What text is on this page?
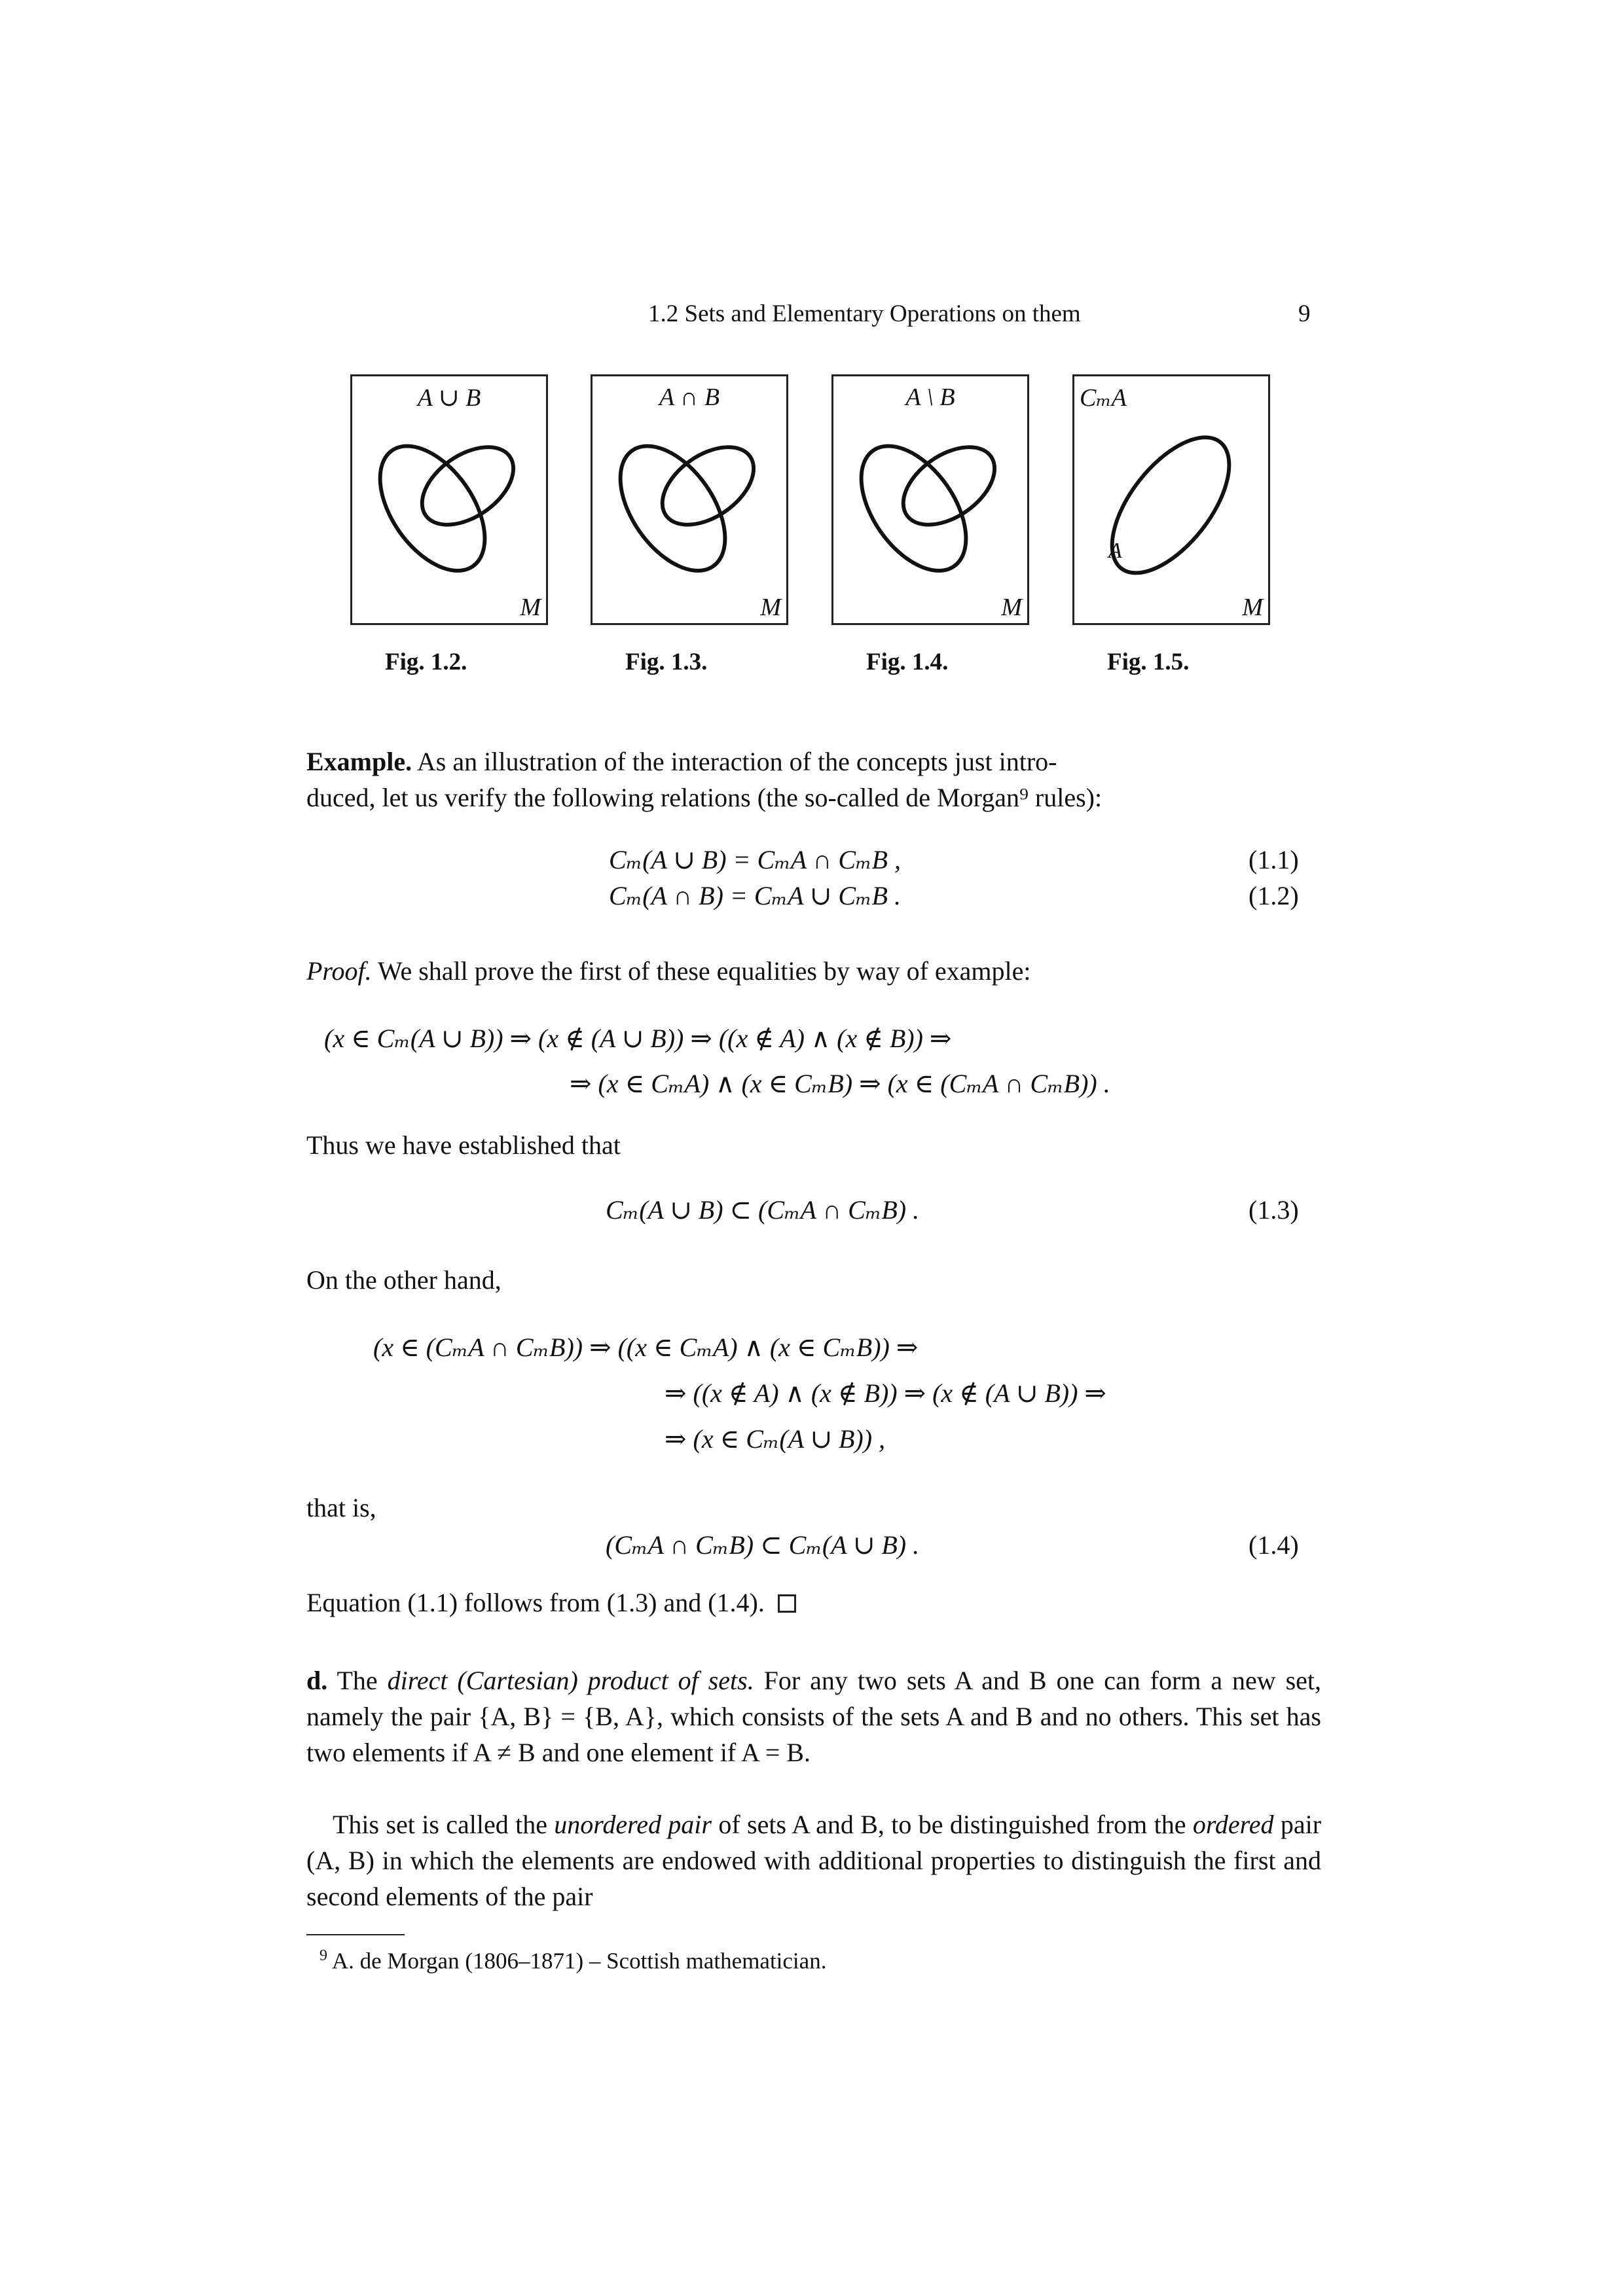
1.2 Sets and Elementary Operations on them	9
A ∪ B
M
A ∩ B
M
A \ B
M
CₘA
A
M
Fig. 1.2.	Fig. 1.3.	Fig. 1.4.	Fig. 1.5.
Example. As an illustration of the interaction of the concepts just intro-
duced, let us verify the following relations (the so-called de Morgan⁹ rules):
Cₘ(A ∪ B) = CₘA ∩ CₘB ,	(1.1)
Cₘ(A ∩ B) = CₘA ∪ CₘB .	(1.2)
Proof. We shall prove the first of these equalities by way of example:
(x ∈ Cₘ(A ∪ B)) ⇒ (x ∉ (A ∪ B)) ⇒ ((x ∉ A) ∧ (x ∉ B)) ⇒
⇒ (x ∈ CₘA) ∧ (x ∈ CₘB) ⇒ (x ∈ (CₘA ∩ CₘB)) .
Thus we have established that
Cₘ(A ∪ B) ⊂ (CₘA ∩ CₘB) .	(1.3)
On the other hand,
(x ∈ (CₘA ∩ CₘB)) ⇒ ((x ∈ CₘA) ∧ (x ∈ CₘB)) ⇒
⇒ ((x ∉ A) ∧ (x ∉ B)) ⇒ (x ∉ (A ∪ B)) ⇒
⇒ (x ∈ Cₘ(A ∪ B)) ,
that is,
(CₘA ∩ CₘB) ⊂ Cₘ(A ∪ B) .	(1.4)
Equation (1.1) follows from (1.3) and (1.4).
d. The direct (Cartesian) product of sets. For any two sets A and B one can form a new set, namely the pair {A, B} = {B, A}, which consists of the sets A and B and no others. This set has two elements if A ≠ B and one element if A = B.
This set is called the unordered pair of sets A and B, to be distinguished from the ordered pair (A, B) in which the elements are endowed with additional properties to distinguish the first and second elements of the pair
$^9$ A. de Morgan (1806–1871) – Scottish mathematician.
